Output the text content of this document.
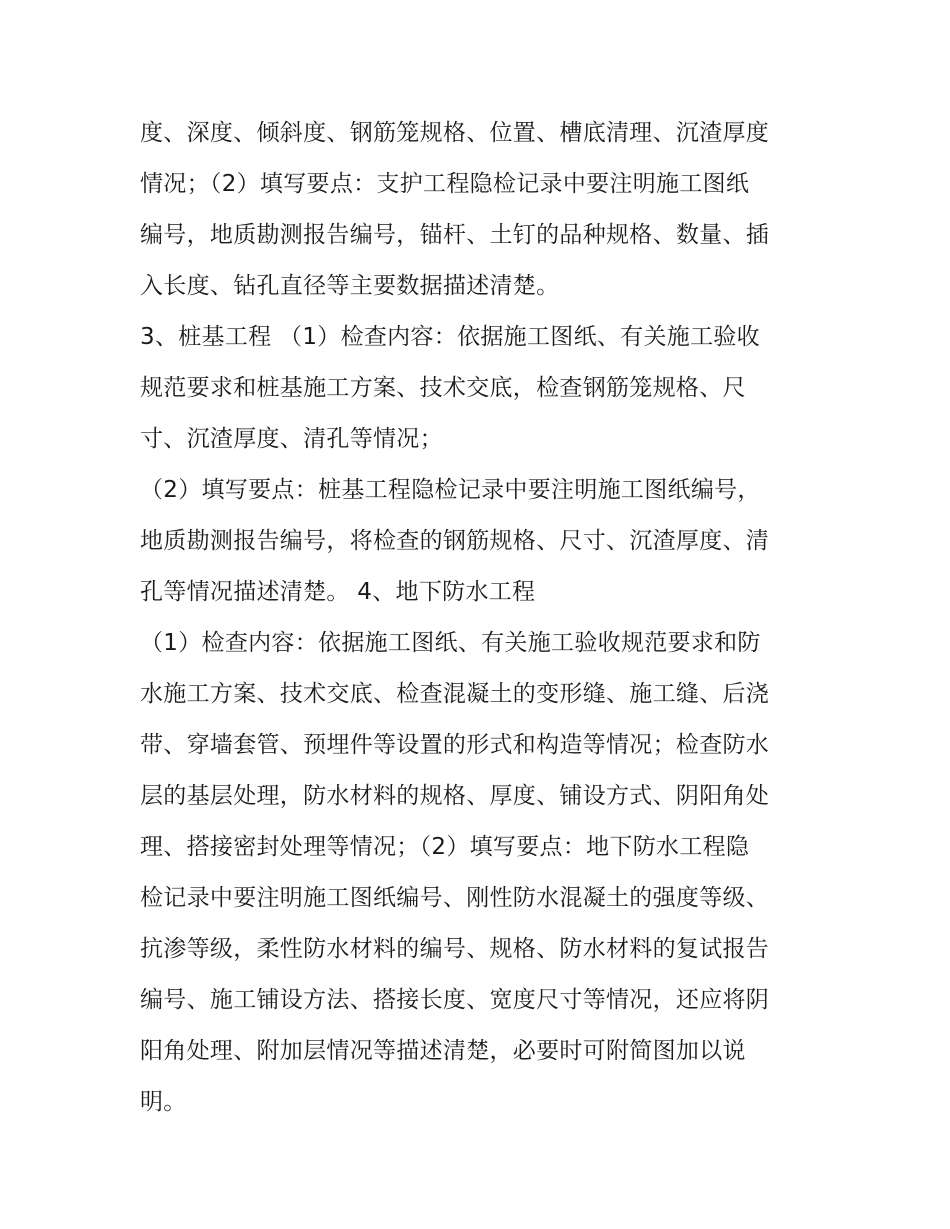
度、深度、倾斜度、钢筋笼规格、位置、槽底清理、沉渣厚度
情况；（2）填写要点：支护工程隐检记录中要注明施工图纸
编号，地质勘测报告编号，锚杆、土钉的品种规格、数量、插
入长度、钻孔直径等主要数据描述清楚。
3、桩基工程 （1）检查内容：依据施工图纸、有关施工验收
规范要求和桩基施工方案、技术交底，检查钢筋笼规格、尺
寸、沉渣厚度、清孔等情况；
（2）填写要点：桩基工程隐检记录中要注明施工图纸编号，
地质勘测报告编号，将检查的钢筋规格、尺寸、沉渣厚度、清
孔等情况描述清楚。 4、地下防水工程
（1）检查内容：依据施工图纸、有关施工验收规范要求和防
水施工方案、技术交底、检查混凝土的变形缝、施工缝、后浇
带、穿墙套管、预埋件等设置的形式和构造等情况；检查防水
层的基层处理，防水材料的规格、厚度、铺设方式、阴阳角处
理、搭接密封处理等情况；（2）填写要点：地下防水工程隐
检记录中要注明施工图纸编号、刚性防水混凝土的强度等级、
抗渗等级，柔性防水材料的编号、规格、防水材料的复试报告
编号、施工铺设方法、搭接长度、宽度尺寸等情况，还应将阴
阳角处理、附加层情况等描述清楚，必要时可附简图加以说
明。
